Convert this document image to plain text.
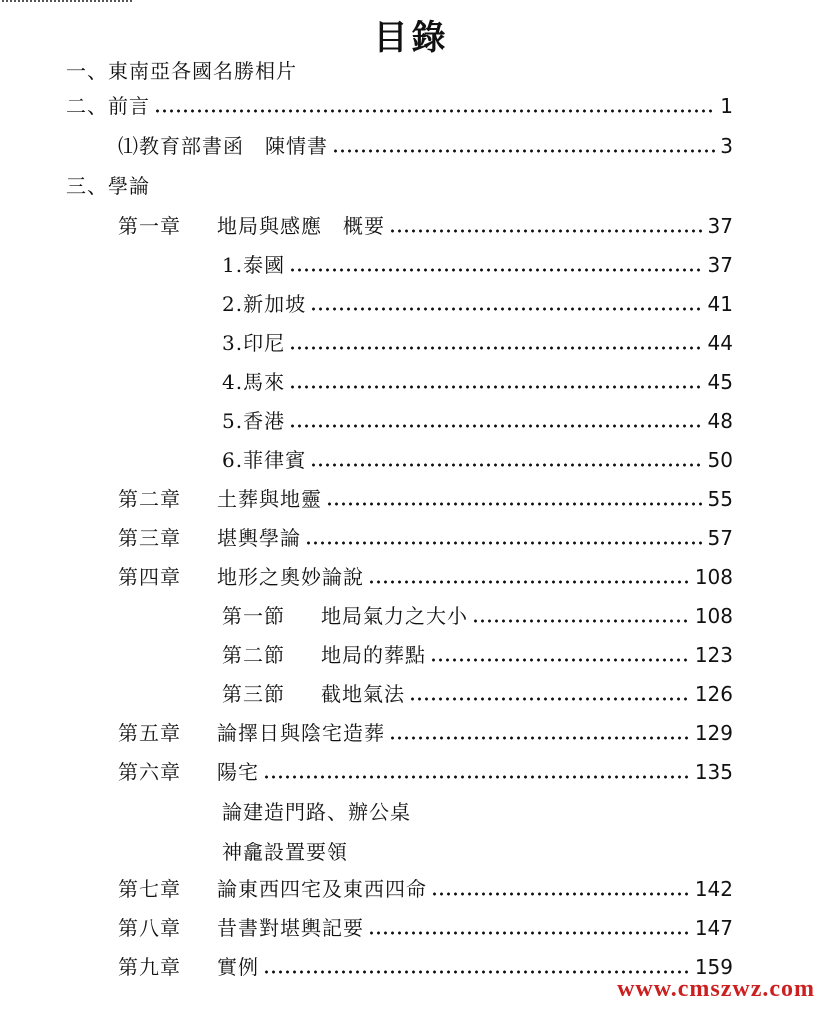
目錄
一、東南亞各國名勝相片
二、前言	1
⑴教育部書函　陳情書	3
三、學論
第一章 地局與感應　概要	37
1.泰國	37
2.新加坡	41
3.印尼	44
4.馬來	45
5.香港	48
6.菲律賓	50
第二章 土葬與地靈	55
第三章 堪輿學論	57
第四章 地形之奧妙論說	108
第一節 地局氣力之大小	108
第二節 地局的葬點	123
第三節 截地氣法	126
第五章 論擇日與陰宅造葬	129
第六章 陽宅	135
論建造門路、辦公桌
神龕設置要領
第七章 論東西四宅及東西四命	142
第八章 昔書對堪輿記要	147
第九章 實例	159
www.cmszwz.com
